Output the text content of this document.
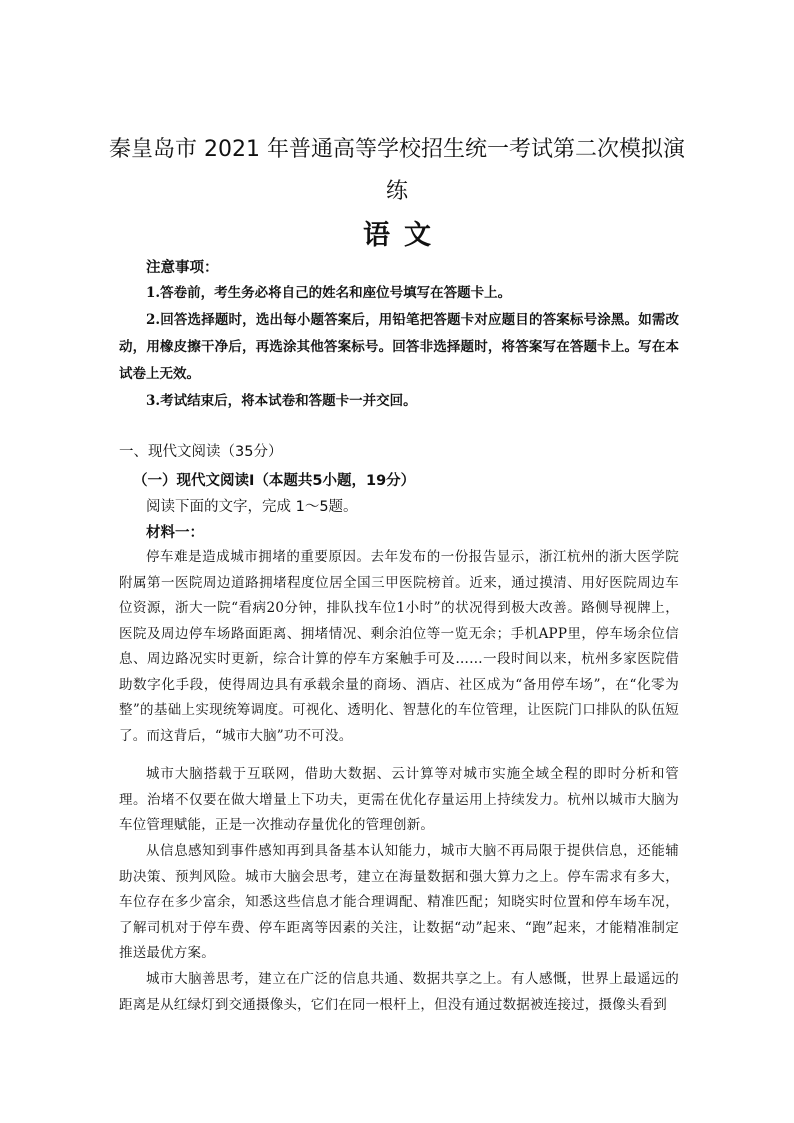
秦皇岛市 2021 年普通高等学校招生统一考试第二次模拟演
练
语文
注意事项：

1.答卷前，考生务必将自己的姓名和座位号填写在答题卡上。

2.回答选择题时，选出每小题答案后，用铅笔把答题卡对应题目的答案标号涂黑。如需改动，用橡皮擦干净后，再选涂其他答案标号。回答非选择题时，将答案写在答题卡上。写在本试卷上无效。

3.考试结束后，将本试卷和答题卡一并交回。

一、现代文阅读（35分）
（一）现代文阅读Ⅰ（本题共5小题，19分）
阅读下面的文字，完成 1～5题。
材料一：

停车难是造成城市拥堵的重要原因。去年发布的一份报告显示，浙江杭州的浙大医学院附属第一医院周边道路拥堵程度位居全国三甲医院榜首。近来，通过摸清、用好医院周边车位资源，浙大一院“看病20分钟，排队找车位1小时”的状况得到极大改善。路侧导视牌上，医院及周边停车场路面距离、拥堵情况、剩余泊位等一览无余；手机APP里，停车场余位信息、周边路况实时更新，综合计算的停车方案触手可及……一段时间以来，杭州多家医院借助数字化手段，使得周边具有承载余量的商场、酒店、社区成为“备用停车场”，在“化零为整”的基础上实现统筹调度。可视化、透明化、智慧化的车位管理，让医院门口排队的队伍短了。而这背后，“城市大脑”功不可没。

城市大脑搭载于互联网，借助大数据、云计算等对城市实施全域全程的即时分析和管理。治堵不仅要在做大增量上下功夫，更需在优化存量运用上持续发力。杭州以城市大脑为车位管理赋能，正是一次推动存量优化的管理创新。

从信息感知到事件感知再到具备基本认知能力，城市大脑不再局限于提供信息，还能辅助决策、预判风险。城市大脑会思考，建立在海量数据和强大算力之上。停车需求有多大，车位存在多少富余，知悉这些信息才能合理调配、精准匹配；知晓实时位置和停车场车况，了解司机对于停车费、停车距离等因素的关注，让数据“动”起来、“跑”起来，才能精准制定推送最优方案。

城市大脑善思考，建立在广泛的信息共通、数据共享之上。有人感慨，世界上最遥远的距离是从红绿灯到交通摄像头，它们在同一根杆上，但没有通过数据被连接过，摄像头看到
